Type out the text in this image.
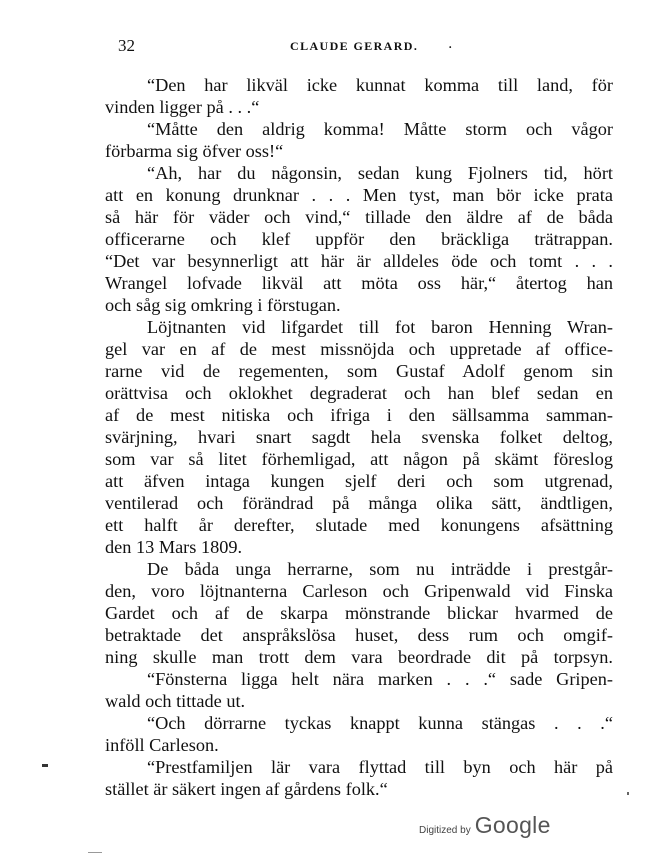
32	CLAUDE GERARD. .
“Den har likväl icke kunnat komma till land, för
vinden ligger på . . .“
“Måtte den aldrig komma! Måtte storm och vågor
förbarma sig öfver oss!“
“Ah, har du någonsin, sedan kung Fjolners tid, hört
att en konung drunknar . . . Men tyst, man bör icke prata
så här för väder och vind,“ tillade den äldre af de båda
officerarne och klef uppför den bräckliga trätrappan.
“Det var besynnerligt att här är alldeles öde och tomt . . .
Wrangel lofvade likväl att möta oss här,“ återtog han
och såg sig omkring i förstugan.
Löjtnanten vid lifgardet till fot baron Henning Wran-
gel var en af de mest missnöjda och uppretade af office-
rarne vid de regementen, som Gustaf Adolf genom sin
orättvisa och oklokhet degraderat och han blef sedan en
af de mest nitiska och ifriga i den sällsamma samman-
svärjning, hvari snart sagdt hela svenska folket deltog,
som var så litet förhemligad, att någon på skämt föreslog
att äfven intaga kungen sjelf deri och som utgrenad,
ventilerad och förändrad på många olika sätt, ändtligen,
ett halft år derefter, slutade med konungens afsättning
den 13 Mars 1809.
De båda unga herrarne, som nu inträdde i prestgår-
den, voro löjtnanterna Carleson och Gripenwald vid Finska
Gardet och af de skarpa mönstrande blickar hvarmed de
betraktade det anspråkslösa huset, dess rum och omgif-
ning skulle man trott dem vara beordrade dit på torpsyn.
“Fönsterna ligga helt nära marken . . .“ sade Gripen-
wald och tittade ut.
“Och dörrarne tyckas knappt kunna stängas . . .“
inföll Carleson.
“Prestfamiljen lär vara flyttad till byn och här på
stället är säkert ingen af gårdens folk.“
Digitized by Google
